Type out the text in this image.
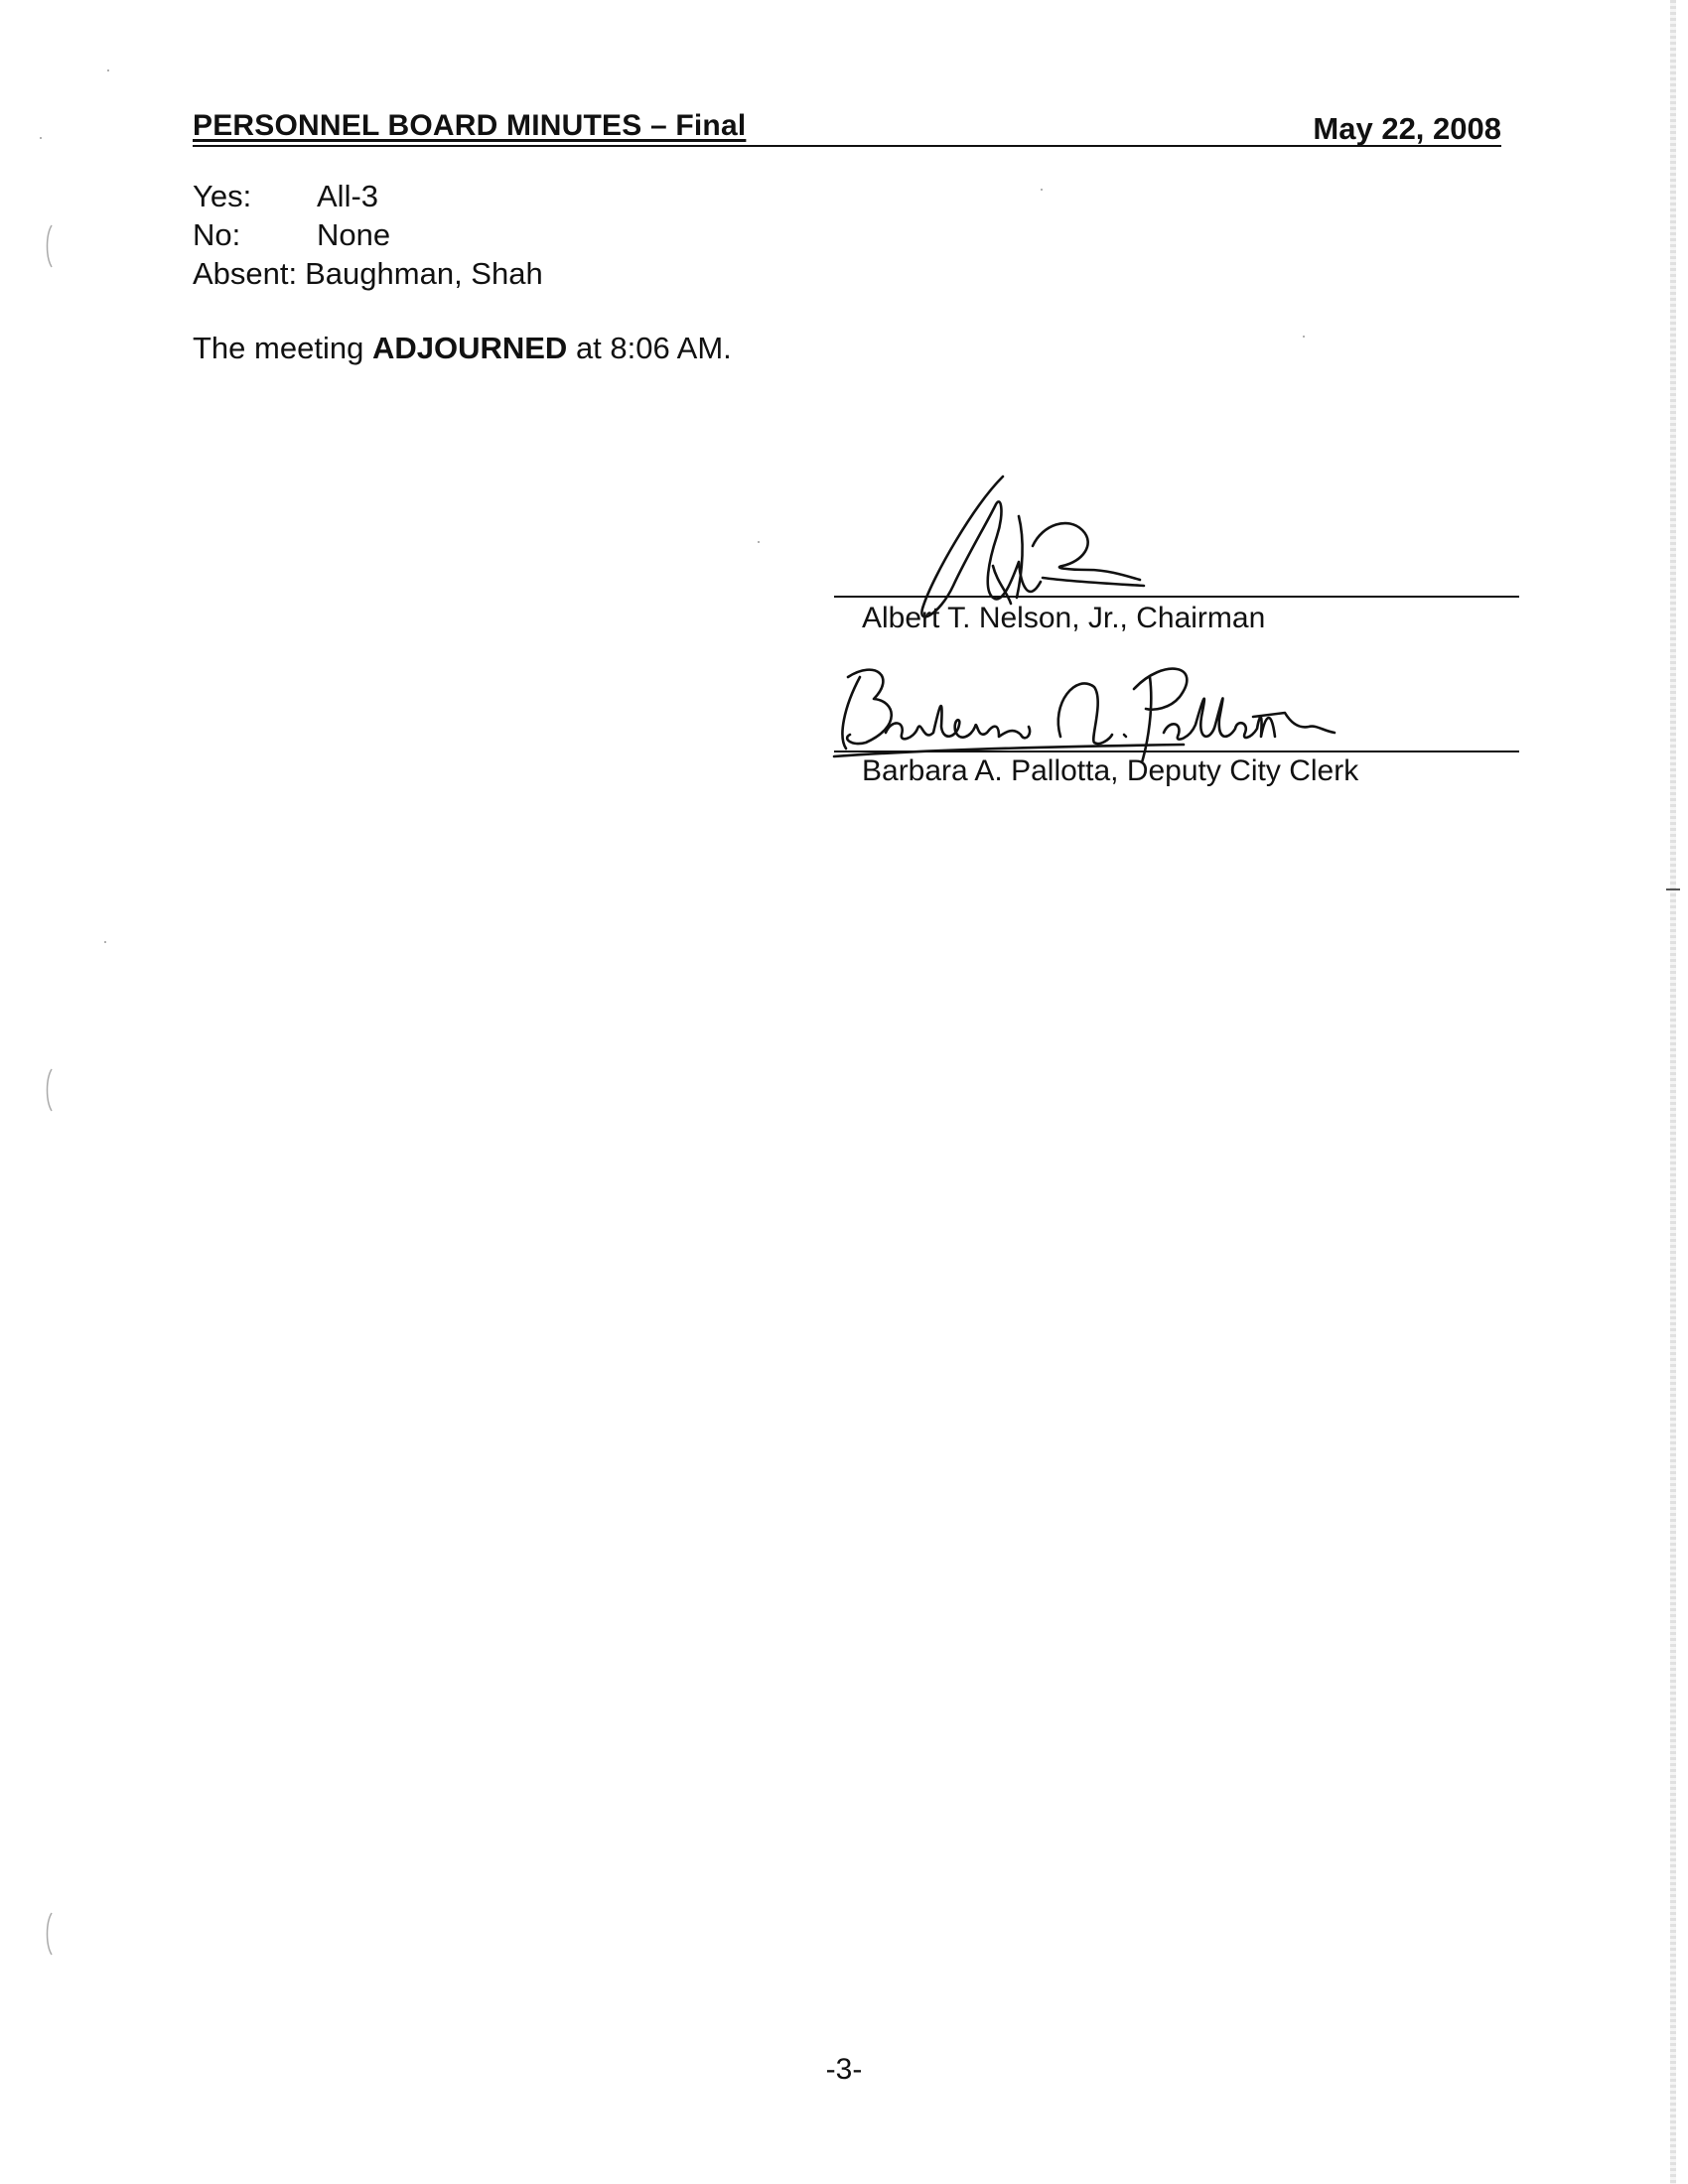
PERSONNEL BOARD MINUTES – Final	May 22, 2008
Yes:	All-3
No:	None
Absent: Baughman, Shah
The meeting ADJOURNED at 8:06 AM.
Albert T. Nelson, Jr., Chairman
Barbara A. Pallotta, Deputy City Clerk
-3-
